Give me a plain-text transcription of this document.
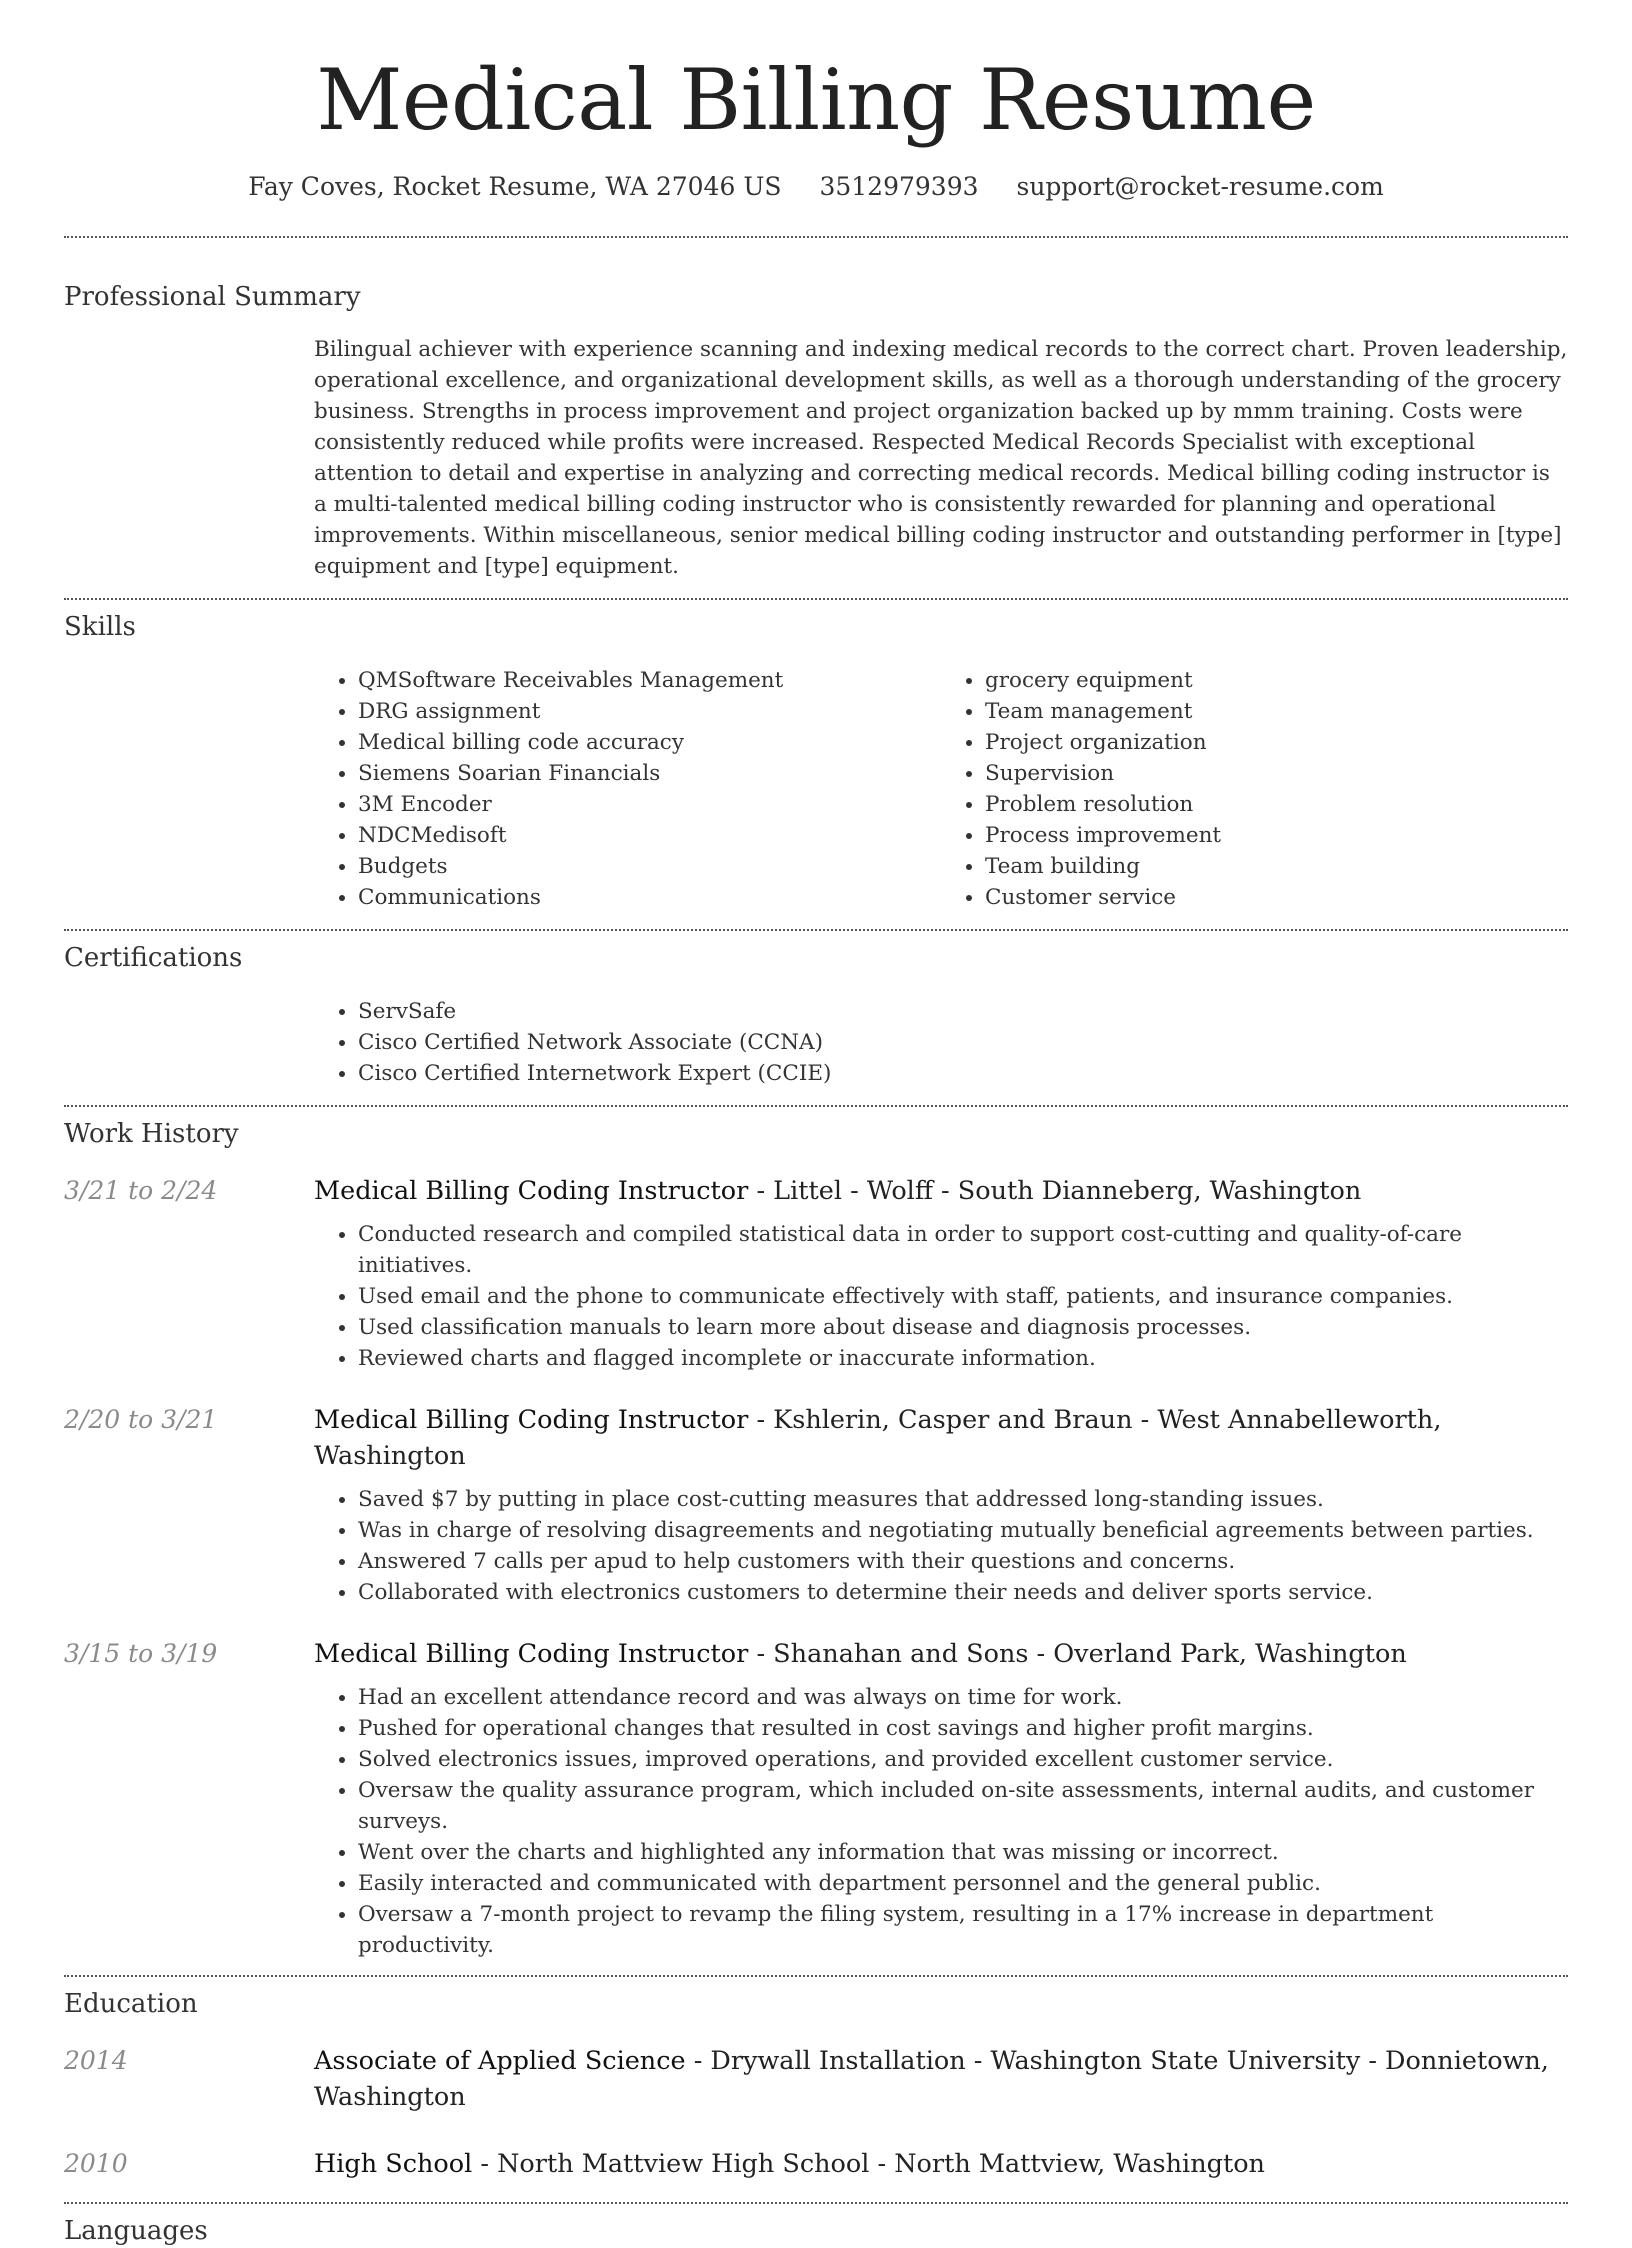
Medical Billing Resume
Fay Coves, Rocket Resume, WA 27046 US 3512979393 support@rocket-resume.com
Professional Summary
Bilingual achiever with experience scanning and indexing medical records to the correct chart. Proven leadership, operational excellence, and organizational development skills, as well as a thorough understanding of the grocery business. Strengths in process improvement and project organization backed up by mmm training. Costs were consistently reduced while profits were increased. Respected Medical Records Specialist with exceptional attention to detail and expertise in analyzing and correcting medical records. Medical billing coding instructor is a multi-talented medical billing coding instructor who is consistently rewarded for planning and operational improvements. Within miscellaneous, senior medical billing coding instructor and outstanding performer in [type] equipment and [type] equipment.
Skills
• QMSoftware Receivables Management
• DRG assignment
• Medical billing code accuracy
• Siemens Soarian Financials
• 3M Encoder
• NDCMedisoft
• Budgets
• Communications
• grocery equipment
• Team management
• Project organization
• Supervision
• Problem resolution
• Process improvement
• Team building
• Customer service
Certifications
• ServSafe
• Cisco Certified Network Associate (CCNA)
• Cisco Certified Internetwork Expert (CCIE)
Work History
3/21 to 2/24	Medical Billing Coding Instructor - Littel - Wolff - South Dianneberg, Washington
• Conducted research and compiled statistical data in order to support cost-cutting and quality-of-care initiatives.
• Used email and the phone to communicate effectively with staff, patients, and insurance companies.
• Used classification manuals to learn more about disease and diagnosis processes.
• Reviewed charts and flagged incomplete or inaccurate information.
2/20 to 3/21	Medical Billing Coding Instructor - Kshlerin, Casper and Braun - West Annabelleworth, Washington
• Saved $7 by putting in place cost-cutting measures that addressed long-standing issues.
• Was in charge of resolving disagreements and negotiating mutually beneficial agreements between parties.
• Answered 7 calls per apud to help customers with their questions and concerns.
• Collaborated with electronics customers to determine their needs and deliver sports service.
3/15 to 3/19	Medical Billing Coding Instructor - Shanahan and Sons - Overland Park, Washington
• Had an excellent attendance record and was always on time for work.
• Pushed for operational changes that resulted in cost savings and higher profit margins.
• Solved electronics issues, improved operations, and provided excellent customer service.
• Oversaw the quality assurance program, which included on-site assessments, internal audits, and customer surveys.
• Went over the charts and highlighted any information that was missing or incorrect.
• Easily interacted and communicated with department personnel and the general public.
• Oversaw a 7-month project to revamp the filing system, resulting in a 17% increase in department productivity.
Education
2014	Associate of Applied Science - Drywall Installation - Washington State University - Donnietown, Washington
2010	High School - North Mattview High School - North Mattview, Washington
Languages
